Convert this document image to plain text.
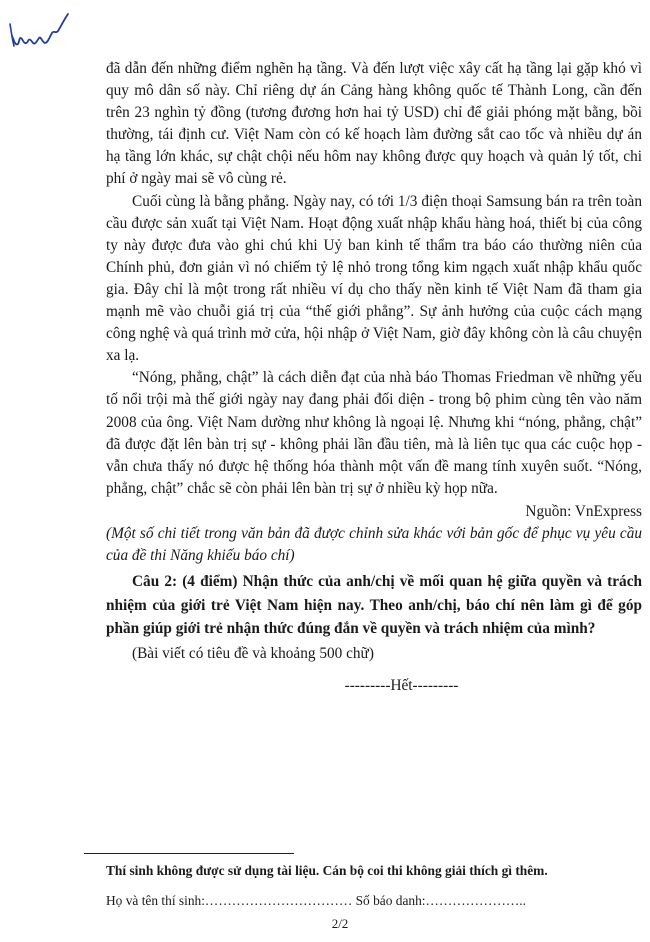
đã dẫn đến những điểm nghẽn hạ tầng. Và đến lượt việc xây cất hạ tầng lại gặp khó vì quy mô dân số này. Chỉ riêng dự án Cảng hàng không quốc tế Thành Long, cần đến trên 23 nghìn tỷ đồng (tương đương hơn hai tỷ USD) chỉ để giải phóng mặt bằng, bồi thường, tái định cư. Việt Nam còn có kế hoạch làm đường sắt cao tốc và nhiều dự án hạ tầng lớn khác, sự chật chội nếu hôm nay không được quy hoạch và quản lý tốt, chi phí ở ngày mai sẽ vô cùng rẻ.

Cuối cùng là bằng phẳng. Ngày nay, có tới 1/3 điện thoại Samsung bán ra trên toàn cầu được sản xuất tại Việt Nam. Hoạt động xuất nhập khẩu hàng hoá, thiết bị của công ty này được đưa vào ghi chú khi Uỷ ban kinh tế thẩm tra báo cáo thường niên của Chính phủ, đơn giản vì nó chiếm tỷ lệ nhỏ trong tổng kim ngạch xuất nhập khẩu quốc gia. Đây chỉ là một trong rất nhiều ví dụ cho thấy nền kinh tế Việt Nam đã tham gia mạnh mẽ vào chuỗi giá trị của “thế giới phẳng”. Sự ảnh hưởng của cuộc cách mạng công nghệ và quá trình mở cửa, hội nhập ở Việt Nam, giờ đây không còn là câu chuyện xa lạ.

“Nóng, phẳng, chật” là cách diễn đạt của nhà báo Thomas Friedman về những yếu tố nổi trội mà thế giới ngày nay đang phải đối diện - trong bộ phim cùng tên vào năm 2008 của ông. Việt Nam dường như không là ngoại lệ. Nhưng khi “nóng, phẳng, chật” đã được đặt lên bàn trị sự - không phải lần đầu tiên, mà là liên tục qua các cuộc họp - vẫn chưa thấy nó được hệ thống hóa thành một vấn đề mang tính xuyên suốt. “Nóng, phẳng, chật” chắc sẽ còn phải lên bàn trị sự ở nhiều kỳ họp nữa.

Nguồn: VnExpress

(Một số chi tiết trong văn bản đã được chỉnh sửa khác với bản gốc để phục vụ yêu cầu của đề thi Năng khiếu báo chí)

Câu 2: (4 điểm) Nhận thức của anh/chị về mối quan hệ giữa quyền và trách nhiệm của giới trẻ Việt Nam hiện nay. Theo anh/chị, báo chí nên làm gì để góp phần giúp giới trẻ nhận thức đúng đắn về quyền và trách nhiệm của mình?

(Bài viết có tiêu đề và khoảng 500 chữ)

---------Hết---------

Thí sinh không được sử dụng tài liệu. Cán bộ coi thi không giải thích gì thêm.

Họ và tên thí sinh:…………………………… Số báo danh:…………………..

2/2
